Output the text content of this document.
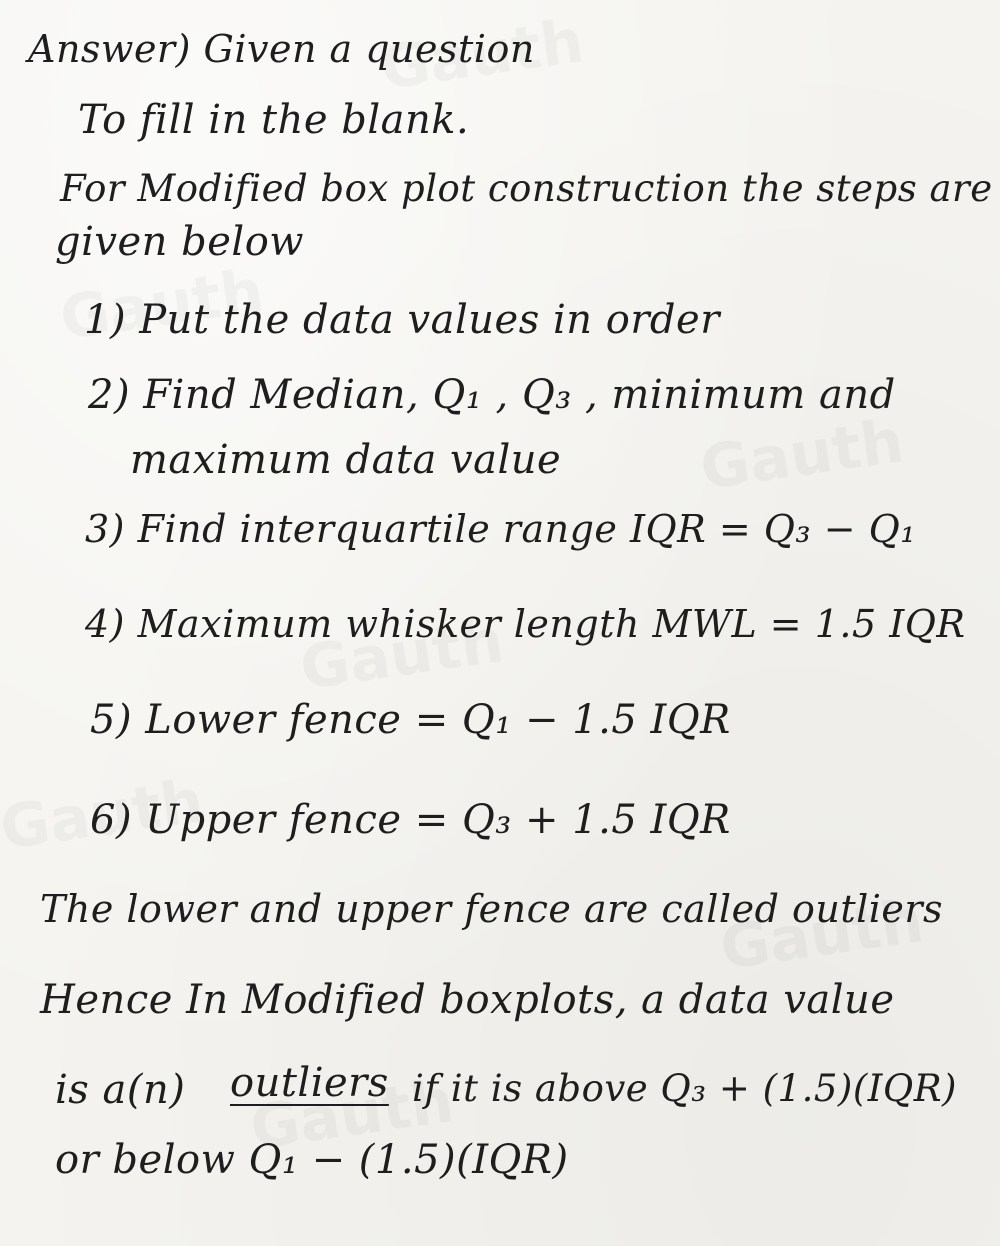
Answer) Given a question
To fill in the blank.
For Modified box plot construction the steps are
given below
1) Put the data values in order
2) Find Median, Q₁ , Q₃ , minimum and
maximum data value
3) Find interquartile range IQR = Q₃ − Q₁
4) Maximum whisker length MWL = 1.5 IQR
5) Lower fence = Q₁ − 1.5 IQR
6) Upper fence = Q₃ + 1.5 IQR
The lower and upper fence are called outliers
Hence In Modified boxplots, a data value
is a(n) outliers if it is above Q₃ + (1.5)(IQR)
or below Q₁ − (1.5)(IQR)
